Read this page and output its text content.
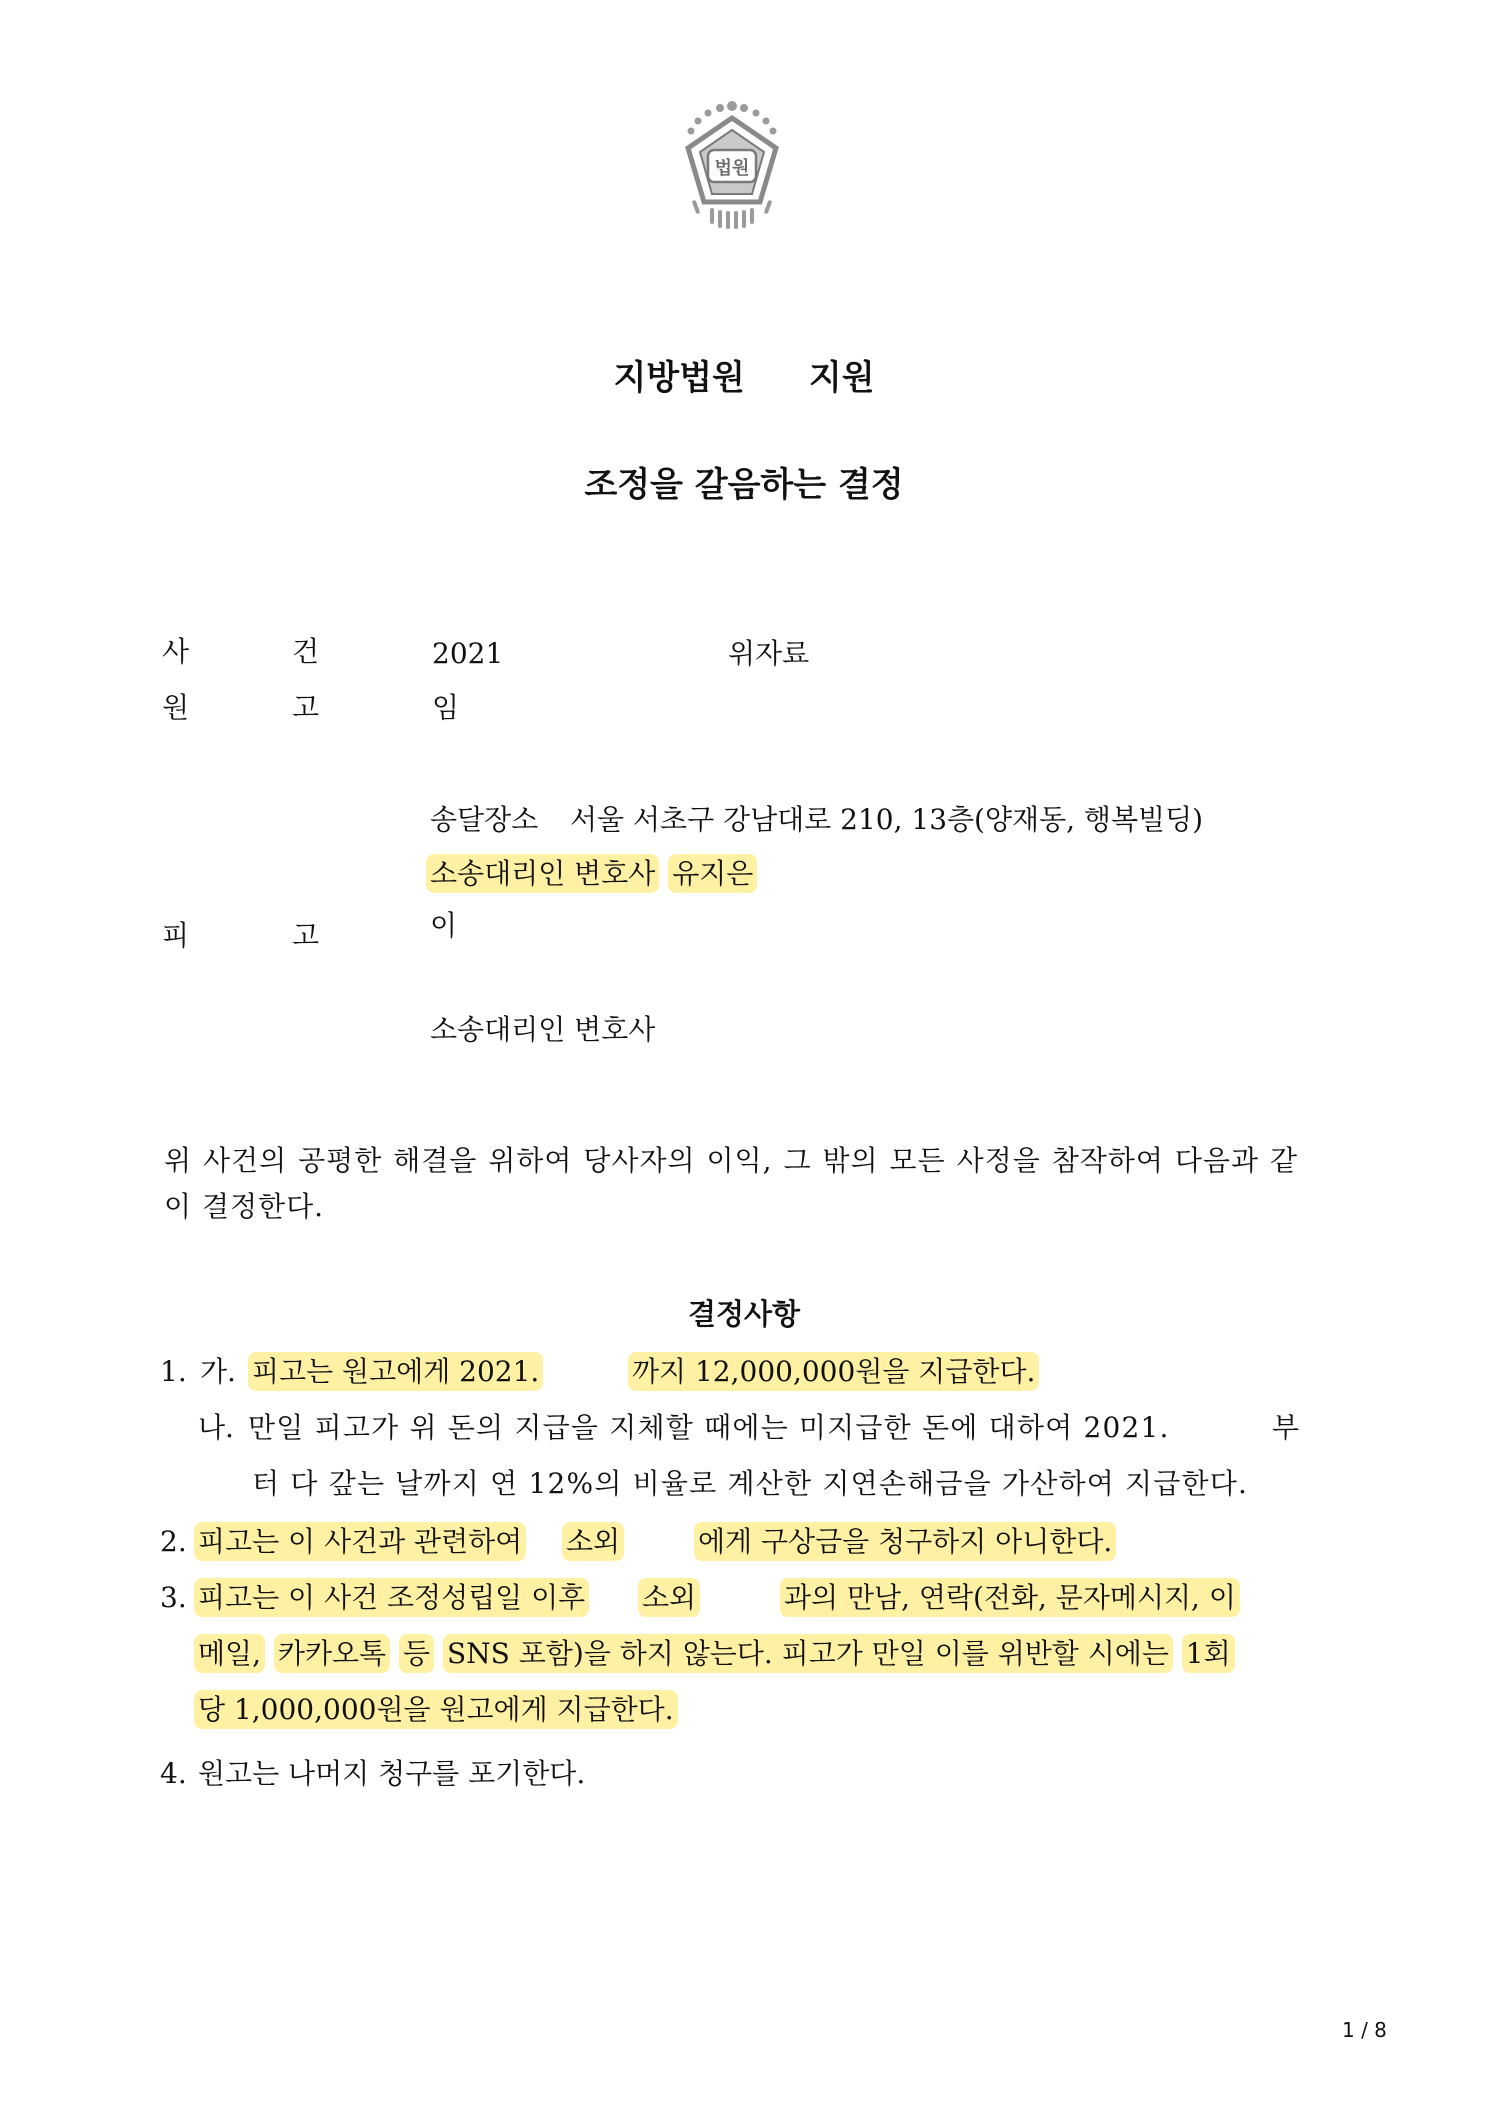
법원
지방법원 지원
조정을 갈음하는 결정
사	건	2021	위자료
원	고	임
송달장소 서울 서초구 강남대로 210, 13층(양재동, 행복빌딩)
소송대리인 변호사 유지은
피	고	이
소송대리인 변호사
위 사건의 공평한 해결을 위하여 당사자의 이익, 그 밖의 모든 사정을 참작하여 다음과 같이 결정한다.
결정사항
1. 가. 피고는 원고에게 2021.	까지 12,000,000원을 지급한다.
나. 만일 피고가 위 돈의 지급을 지체할 때에는 미지급한 돈에 대하여 2021.	부
터 다 갚는 날까지 연 12%의 비율로 계산한 지연손해금을 가산하여 지급한다.
2. 피고는 이 사건과 관련하여 소외	에게 구상금을 청구하지 아니한다.
3. 피고는 이 사건 조정성립일 이후 소외	과의 만남, 연락(전화, 문자메시지, 이
메일, 카카오톡 등 SNS 포함)을 하지 않는다. 피고가 만일 이를 위반할 시에는 1회
당 1,000,000원을 원고에게 지급한다.
4. 원고는 나머지 청구를 포기한다.
1 / 8
